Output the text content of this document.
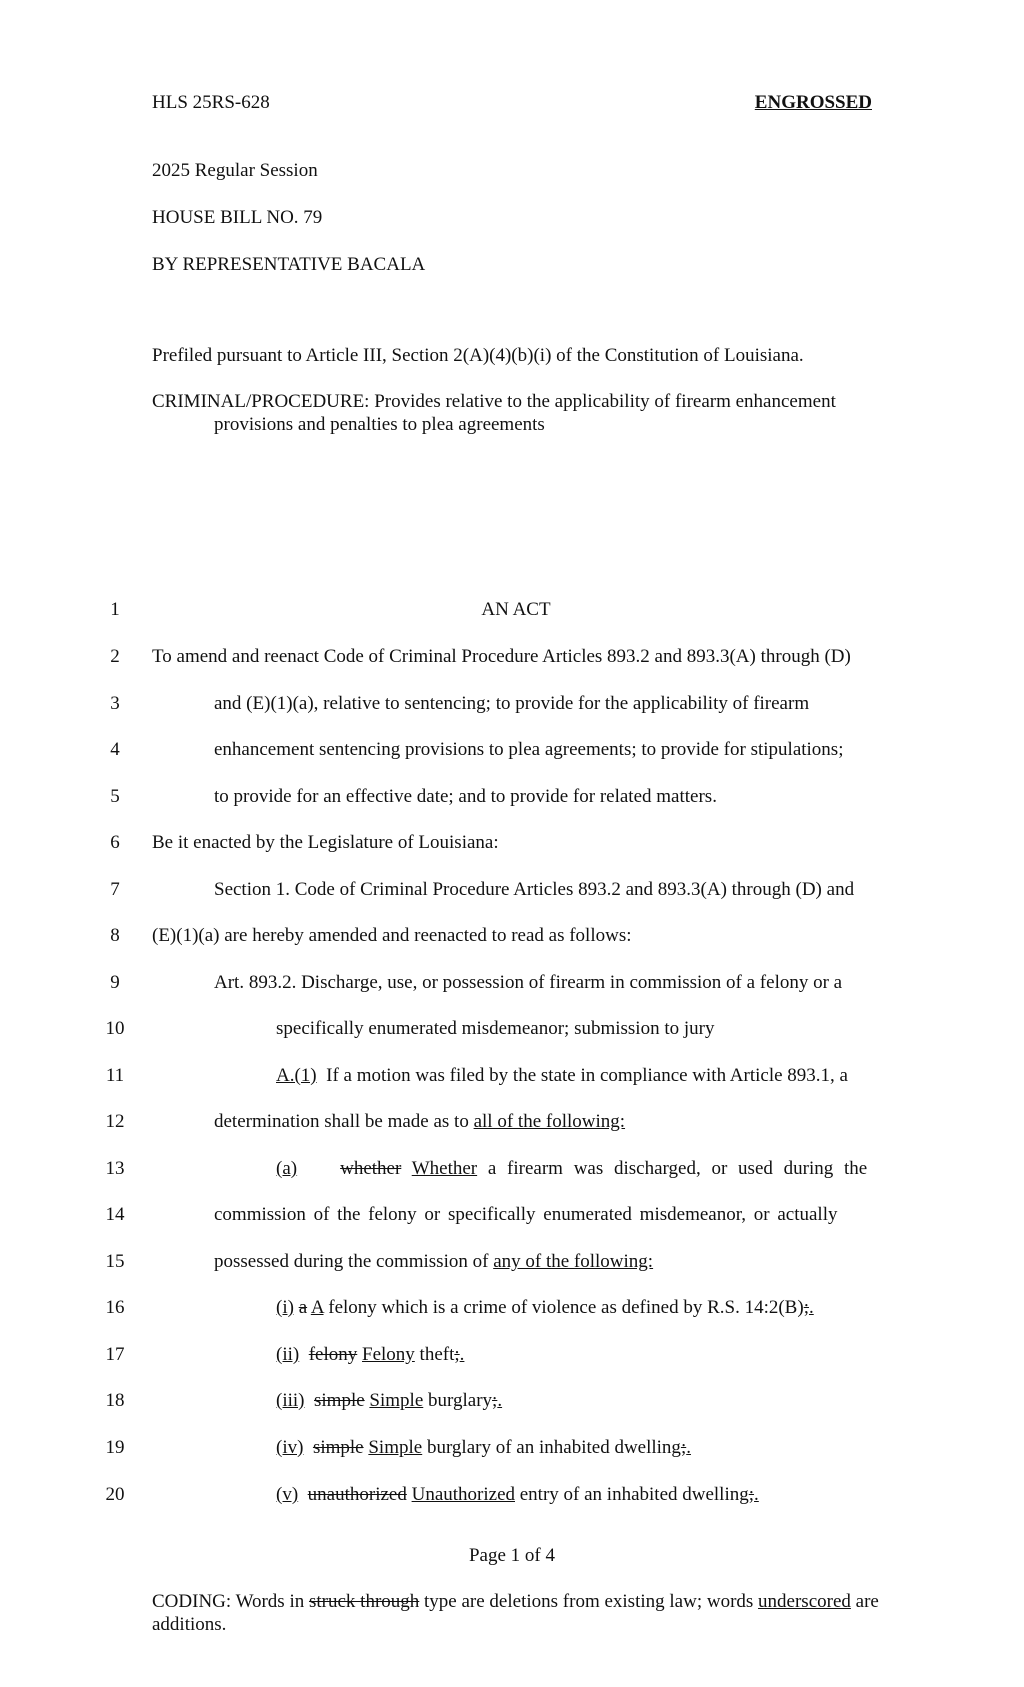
HLS 25RS-628	ENGROSSED
2025 Regular Session
HOUSE BILL NO. 79
BY REPRESENTATIVE BACALA
Prefiled pursuant to Article III, Section 2(A)(4)(b)(i) of the Constitution of Louisiana.
CRIMINAL/PROCEDURE: Provides relative to the applicability of firearm enhancement
provisions and penalties to plea agreements
1
2
3
4
5
6
7
8
9
10
11
12
13
14
15
16
17
18
19
20
AN ACT
To amend and reenact Code of Criminal Procedure Articles 893.2 and 893.3(A) through (D)
and (E)(1)(a), relative to sentencing; to provide for the applicability of firearm
enhancement sentencing provisions to plea agreements; to provide for stipulations;
to provide for an effective date; and to provide for related matters.
Be it enacted by the Legislature of Louisiana:
Section 1. Code of Criminal Procedure Articles 893.2 and 893.3(A) through (D) and
(E)(1)(a) are hereby amended and reenacted to read as follows:
Art. 893.2. Discharge, use, or possession of firearm in commission of a felony or a
specifically enumerated misdemeanor; submission to jury
A.(1) If a motion was filed by the state in compliance with Article 893.1, a
determination shall be made as to all of the following:
(a) whether Whether a firearm was discharged, or used during the
commission of the felony or specifically enumerated misdemeanor, or actually
possessed during the commission of any of the following:
(i) a A felony which is a crime of violence as defined by R.S. 14:2(B);.
(ii) felony Felony theft;.
(iii) simple Simple burglary;.
(iv) simple Simple burglary of an inhabited dwelling;.
(v) unauthorized Unauthorized entry of an inhabited dwelling;.
Page 1 of 4
CODING: Words in struck through type are deletions from existing law; words underscored are additions.
